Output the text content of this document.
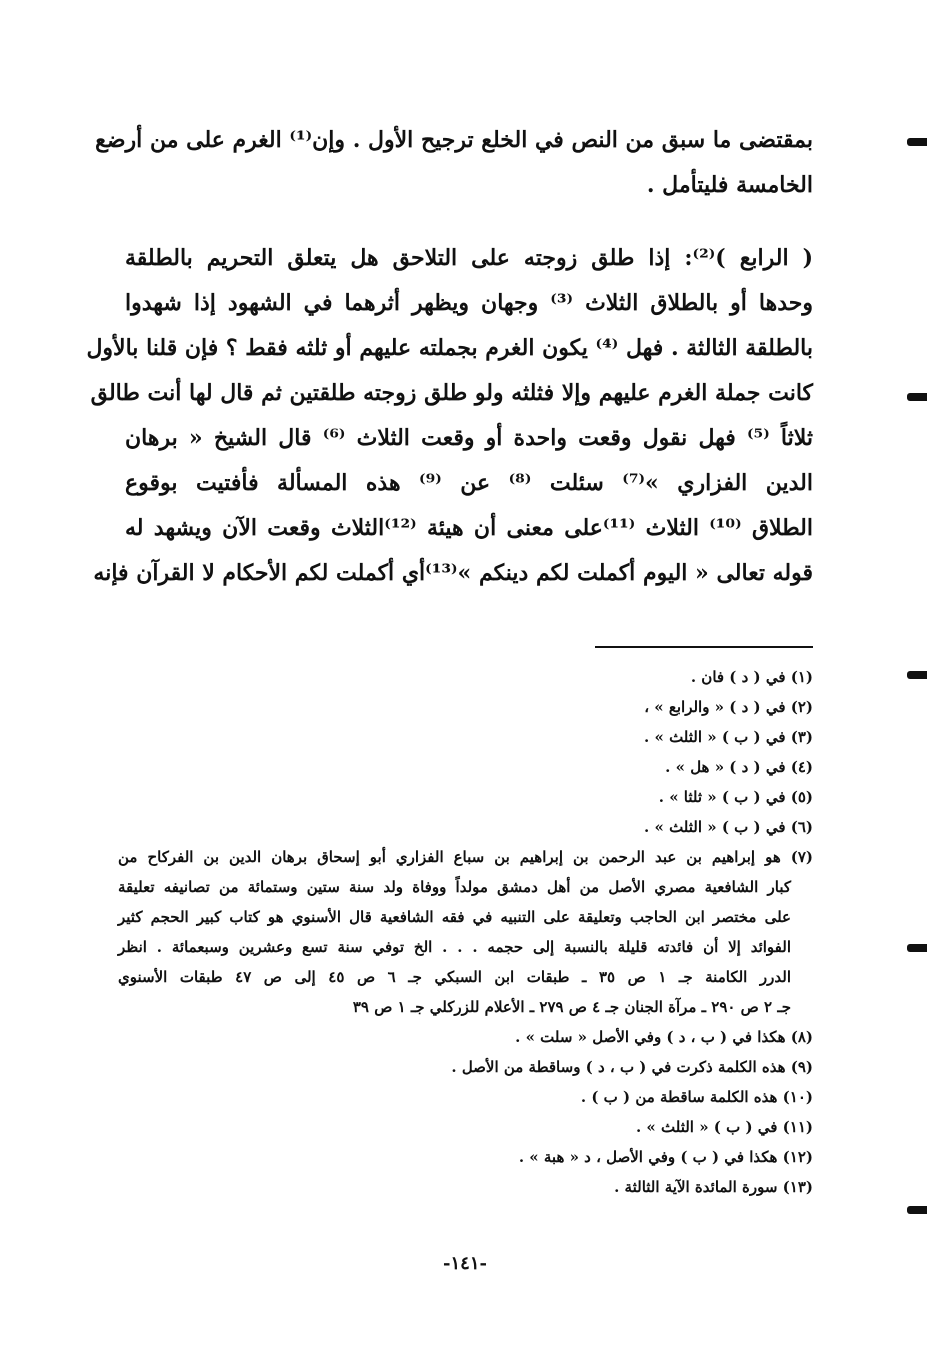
بمقتضى ما سبق من النص في الخلع ترجيح الأول . وإن⁽¹⁾ الغرم على من أرضع
الخامسة فليتأمل .
( الرابع )⁽²⁾: إذا طلق زوجته على التلاحق هل يتعلق التحريم بالطلقة
وحدها أو بالطلاق الثلاث ⁽³⁾ وجهان ويظهر أثرهما في الشهود إذا شهدوا
بالطلقة الثالثة . فهل ⁽⁴⁾ يكون الغرم بجملته عليهم أو ثلثه فقط ؟ فإن قلنا بالأول
كانت جملة الغرم عليهم وإلا فثلثه ولو طلق زوجته طلقتين ثم قال لها أنت طالق
ثلاثاً ⁽⁵⁾ فهل نقول وقعت واحدة أو وقعت الثلاث ⁽⁶⁾ قال الشيخ « برهان
الدين الفزاري »⁽⁷⁾ سئلت ⁽⁸⁾ عن ⁽⁹⁾ هذه المسألة فأفتيت بوقوع
الطلاق ⁽¹⁰⁾ الثلاث ⁽¹¹⁾على معنى أن هيئة ⁽¹²⁾الثلاث وقعت الآن ويشهد له
قوله تعالى « اليوم أكملت لكم دينكم »⁽¹³⁾أي أكملت لكم الأحكام لا القرآن فإنه
(١) في ( د ) فان .
(٢) في ( د ) « والرابع » ،
(٣) في ( ب ) « الثلث » .
(٤) في ( د ) « هل » .
(٥) في ( ب ) « ثلثا » .
(٦) في ( ب ) « الثلث » .
(٧) هو إبراهيم بن عبد الرحمن بن إبراهيم بن سباع الفزاري أبو إسحاق برهان الدين بن الفركاح من
كبار الشافعية مصري الأصل من أهل دمشق مولداً ووفاة ولد سنة ستين وستمائة من تصانيفه تعليقة
على مختصر ابن الحاجب وتعليقة على التنبيه في فقه الشافعية قال الأسنوي هو كتاب كبير الحجم كثير
الفوائد إلا أن فائدته قليلة بالنسبة إلى حجمه . . . الخ توفي سنة تسع وعشرين وسبعمائة . انظر
الدرر الكامنة جـ ١ ص ٣٥ ـ طبقات ابن السبكي جـ ٦ ص ٤٥ إلى ص ٤٧ طبقات الأسنوي
جـ ٢ ص ٢٩٠ ـ مرآة الجنان جـ ٤ ص ٢٧٩ ـ الأعلام للزركلي جـ ١ ص ٣٩
(٨) هكذا في ( ب ، د ) وفي الأصل « سلت » .
(٩) هذه الكلمة ذكرت في ( ب ، د ) وساقطة من الأصل .
(١٠) هذه الكلمة ساقطة من ( ب ) .
(١١) في ( ب ) « الثلث » .
(١٢) هكذا في ( ب ) وفي الأصل ، د « هبة » .
(١٣) سورة المائدة الآية الثالثة .
-١٤١-
